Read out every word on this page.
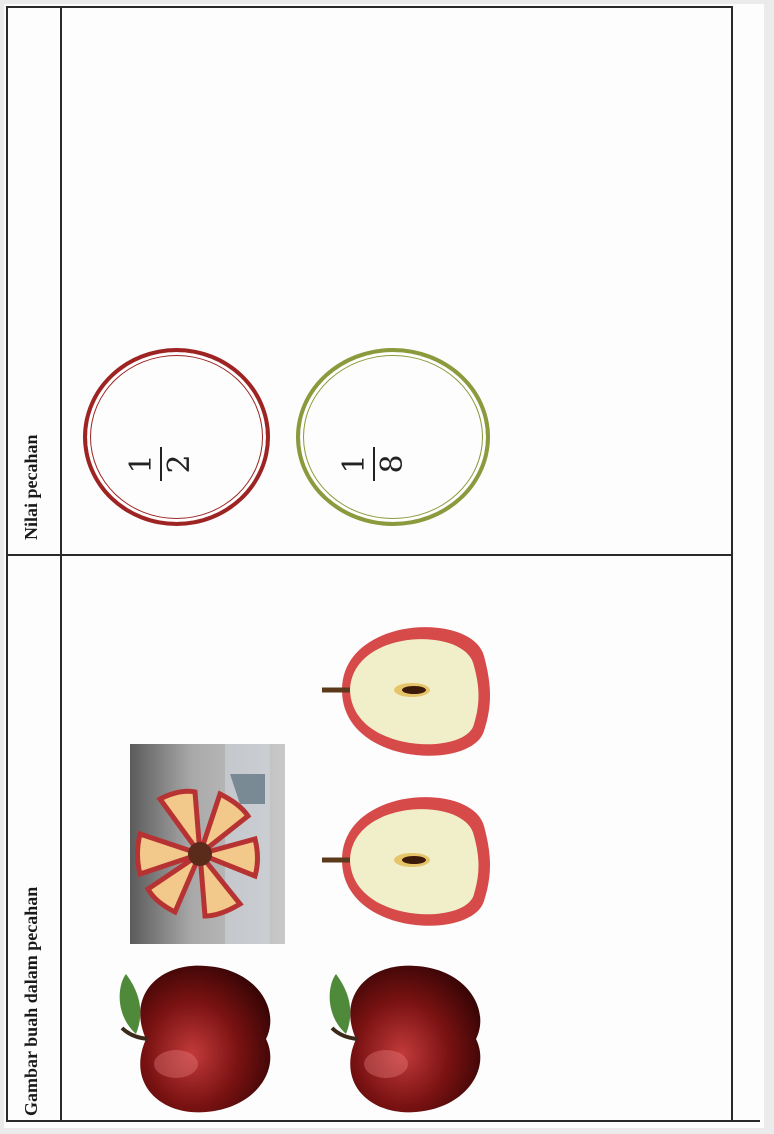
Gambar buah dalam pecahan
Nilai pecahan	1 2	1 8
